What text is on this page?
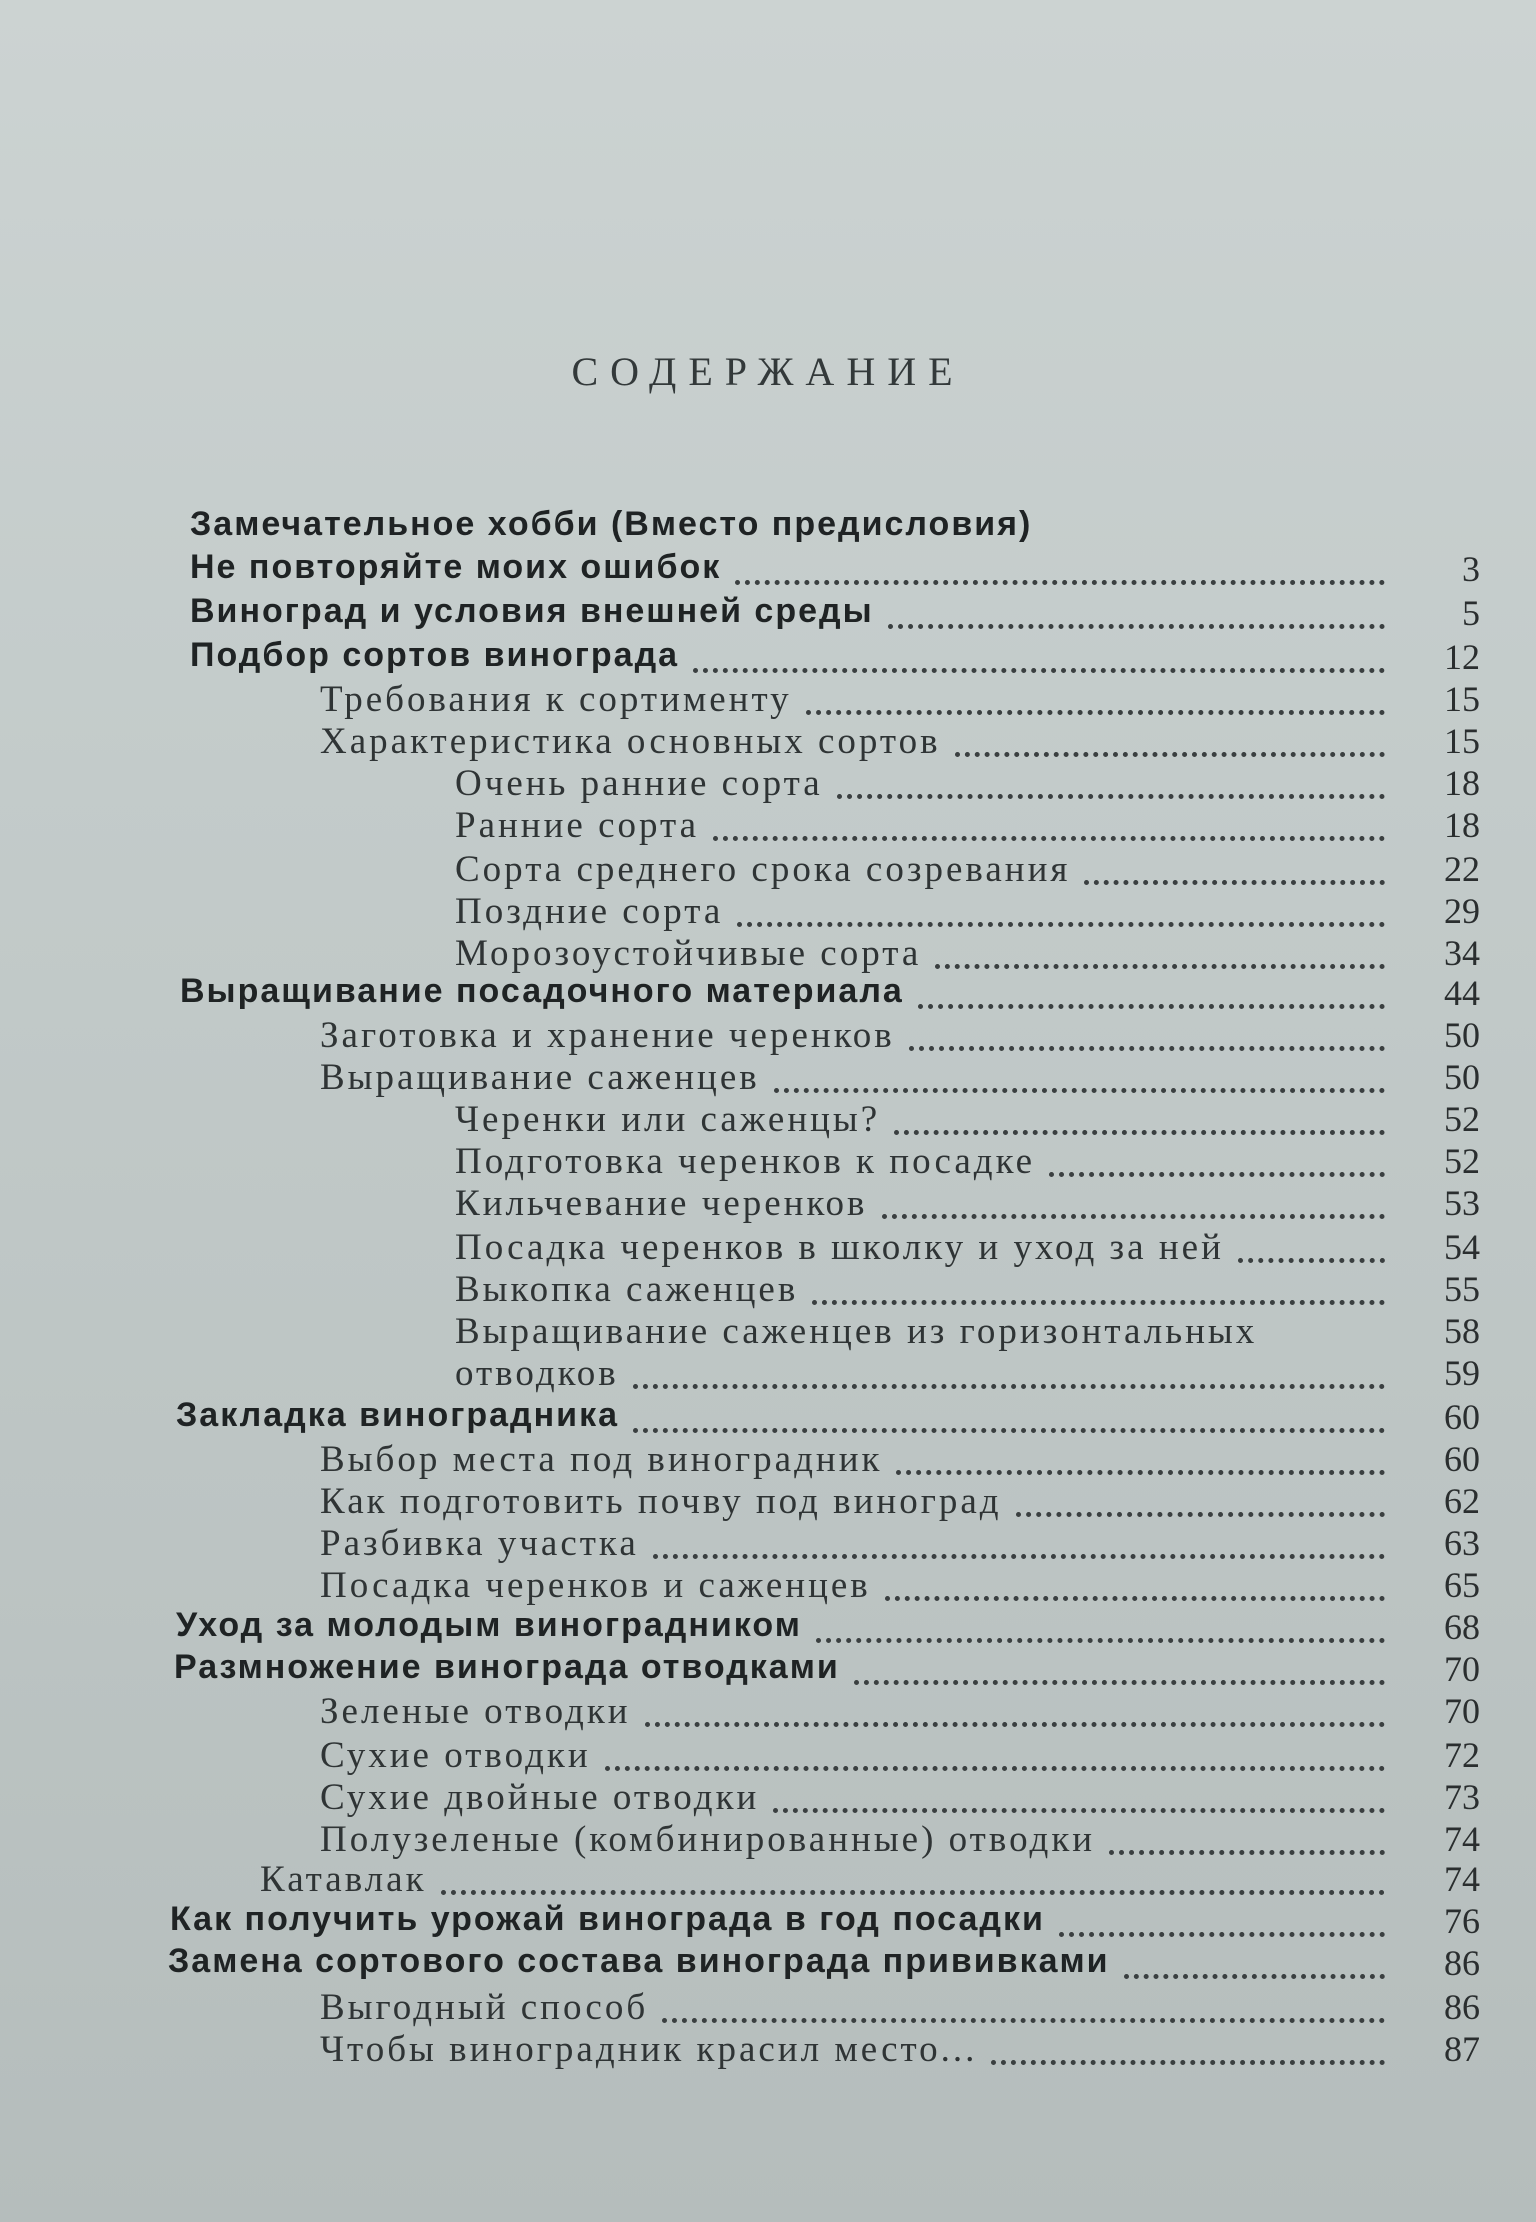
СОДЕРЖАНИЕ
Замечательное хобби (Вместо предисловия)
Не повторяйте моих ошибок	3
Виноград и условия внешней среды	5
Подбор сортов винограда	12
Требования к сортименту	15
Характеристика основных сортов	15
Очень ранние сорта	18
Ранние сорта	18
Сорта среднего срока созревания	22
Поздние сорта	29
Морозоустойчивые сорта	34
Выращивание посадочного материала	44
Заготовка и хранение черенков	50
Выращивание саженцев	50
Черенки или саженцы?	52
Подготовка черенков к посадке	52
Кильчевание черенков	53
Посадка черенков в школку и уход за ней	54
Выкопка саженцев	55
Выращивание саженцев из горизонтальных	58
отводков	59
Закладка виноградника	60
Выбор места под виноградник	60
Как подготовить почву под виноград	62
Разбивка участка	63
Посадка черенков и саженцев	65
Уход за молодым виноградником	68
Размножение винограда отводками	70
Зеленые отводки	70
Сухие отводки	72
Сухие двойные отводки	73
Полузеленые (комбинированные) отводки	74
Катавлак	74
Как получить урожай винограда в год посадки	76
Замена сортового состава винограда прививками	86
Выгодный способ	86
Чтобы виноградник красил место...	87
